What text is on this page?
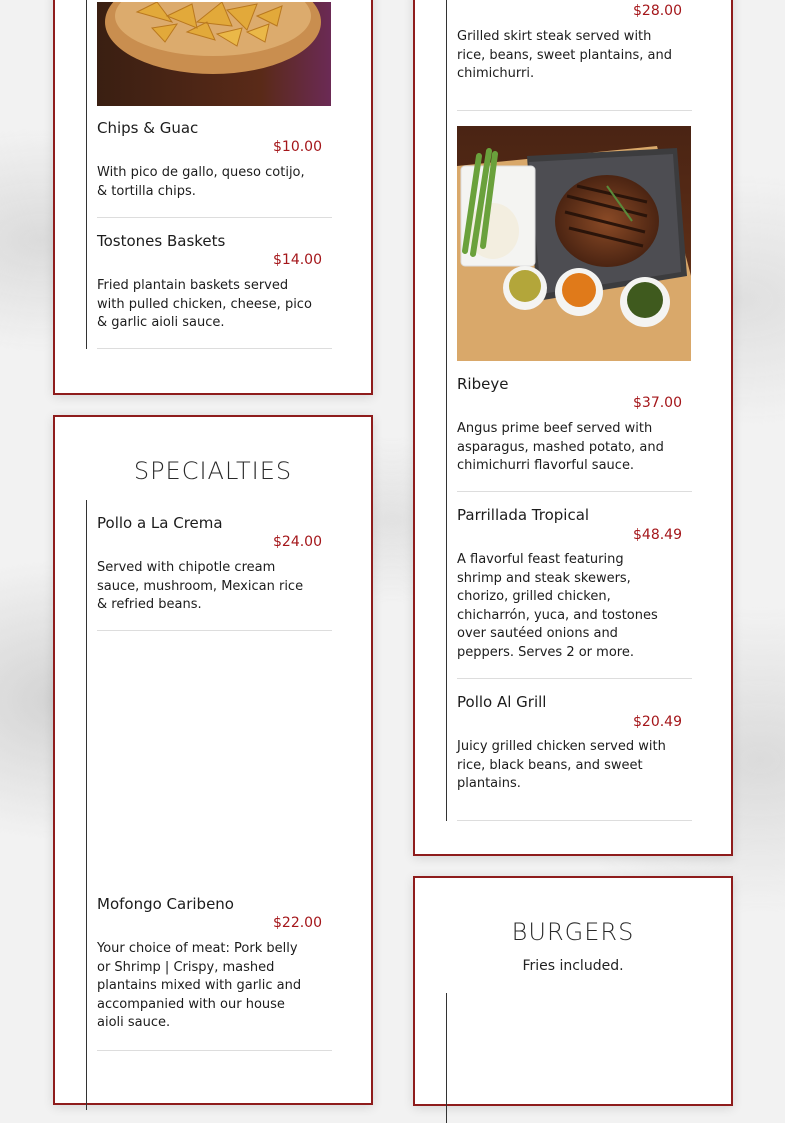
Chips & Guac
$10.00
With pico de gallo, queso cotijo, & tortilla chips.
Tostones Baskets
$14.00
Fried plantain baskets served with pulled chicken, cheese, pico & garlic aioli sauce.
SPECIALTIES
Pollo a La Crema
$24.00
Served with chipotle cream sauce, mushroom, Mexican rice & refried beans.
Mofongo Caribeno
$22.00
Your choice of meat: Pork belly or Shrimp | Crispy, mashed plantains mixed with garlic and accompanied with our house aioli sauce.
$28.00
Grilled skirt steak served with rice, beans, sweet plantains, and chimichurri.
Ribeye
$37.00
Angus prime beef served with asparagus, mashed potato, and chimichurri flavorful sauce.
Parrillada Tropical
$48.49
A flavorful feast featuring shrimp and steak skewers, chorizo, grilled chicken, chicharrón, yuca, and tostones over sautéed onions and peppers. Serves 2 or more.
Pollo Al Grill
$20.49
Juicy grilled chicken served with rice, black beans, and sweet plantains.
BURGERS
Fries included.
